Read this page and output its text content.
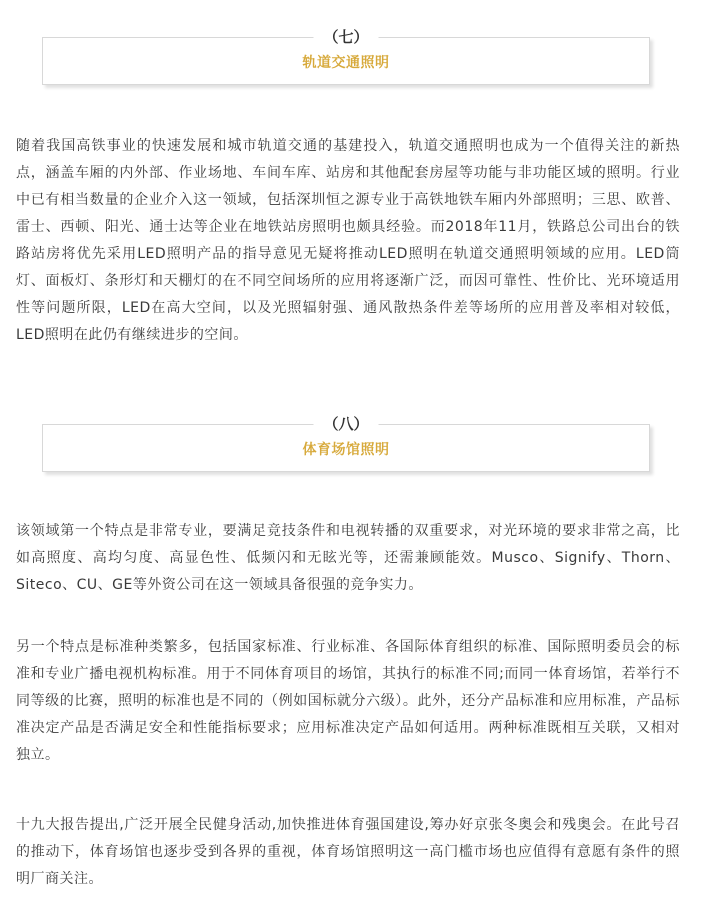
（七）
轨道交通照明

随着我国高铁事业的快速发展和城市轨道交通的基建投入，轨道交通照明也成为一个值得关注的新热点，涵盖车厢的内外部、作业场地、车间车库、站房和其他配套房屋等功能与非功能区域的照明。行业中已有相当数量的企业介入这一领域，包括深圳恒之源专业于高铁地铁车厢内外部照明；三思、欧普、雷士、西顿、阳光、通士达等企业在地铁站房照明也颇具经验。而2018年11月，铁路总公司出台的铁路站房将优先采用LED照明产品的指导意见无疑将推动LED照明在轨道交通照明领域的应用。LED筒灯、面板灯、条形灯和天棚灯的在不同空间场所的应用将逐渐广泛，而因可靠性、性价比、光环境适用性等问题所限，LED在高大空间，以及光照辐射强、通风散热条件差等场所的应用普及率相对较低，LED照明在此仍有继续进步的空间。

（八）
体育场馆照明

该领域第一个特点是非常专业，要满足竞技条件和电视转播的双重要求，对光环境的要求非常之高，比如高照度、高均匀度、高显色性、低频闪和无眩光等，还需兼顾能效。Musco、Signify、Thorn、Siteco、CU、GE等外资公司在这一领域具备很强的竞争实力。

另一个特点是标准种类繁多，包括国家标准、行业标准、各国际体育组织的标准、国际照明委员会的标准和专业广播电视机构标准。用于不同体育项目的场馆，其执行的标准不同;而同一体育场馆，若举行不同等级的比赛，照明的标准也是不同的（例如国标就分六级）。此外，还分产品标准和应用标准，产品标准决定产品是否满足安全和性能指标要求；应用标准决定产品如何适用。两种标准既相互关联，又相对独立。

十九大报告提出,广泛开展全民健身活动,加快推进体育强国建设,筹办好京张冬奥会和残奥会。在此号召的推动下，体育场馆也逐步受到各界的重视，体育场馆照明这一高门槛市场也应值得有意愿有条件的照明厂商关注。
